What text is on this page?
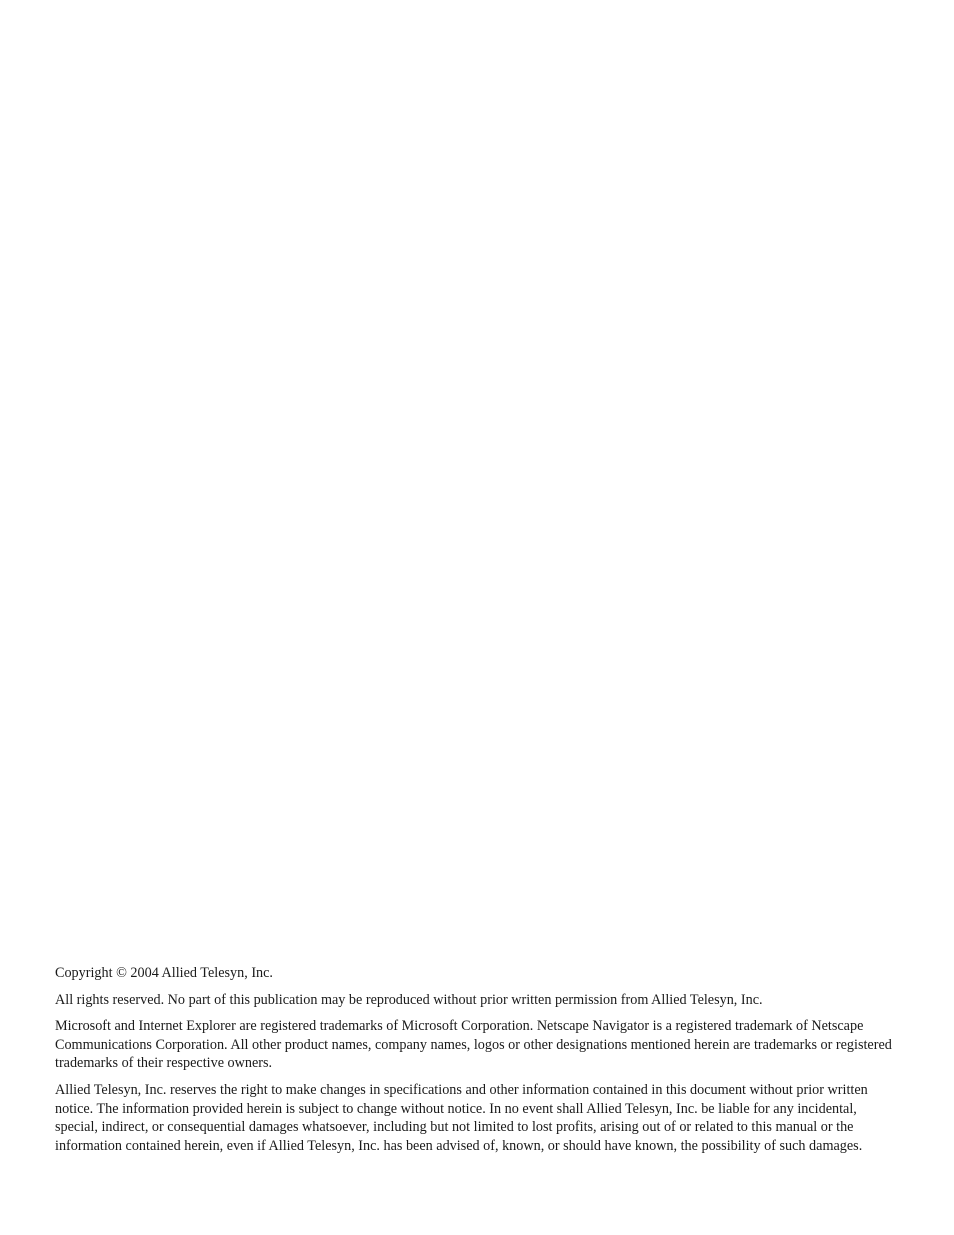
Copyright © 2004 Allied Telesyn, Inc.

All rights reserved. No part of this publication may be reproduced without prior written permission from Allied Telesyn, Inc.

Microsoft and Internet Explorer are registered trademarks of Microsoft Corporation. Netscape Navigator is a registered trademark of Netscape Communications Corporation. All other product names, company names, logos or other designations mentioned herein are trademarks or registered trademarks of their respective owners.

Allied Telesyn, Inc. reserves the right to make changes in specifications and other information contained in this document without prior written notice. The information provided herein is subject to change without notice. In no event shall Allied Telesyn, Inc. be liable for any incidental, special, indirect, or consequential damages whatsoever, including but not limited to lost profits, arising out of or related to this manual or the information contained herein, even if Allied Telesyn, Inc. has been advised of, known, or should have known, the possibility of such damages.
